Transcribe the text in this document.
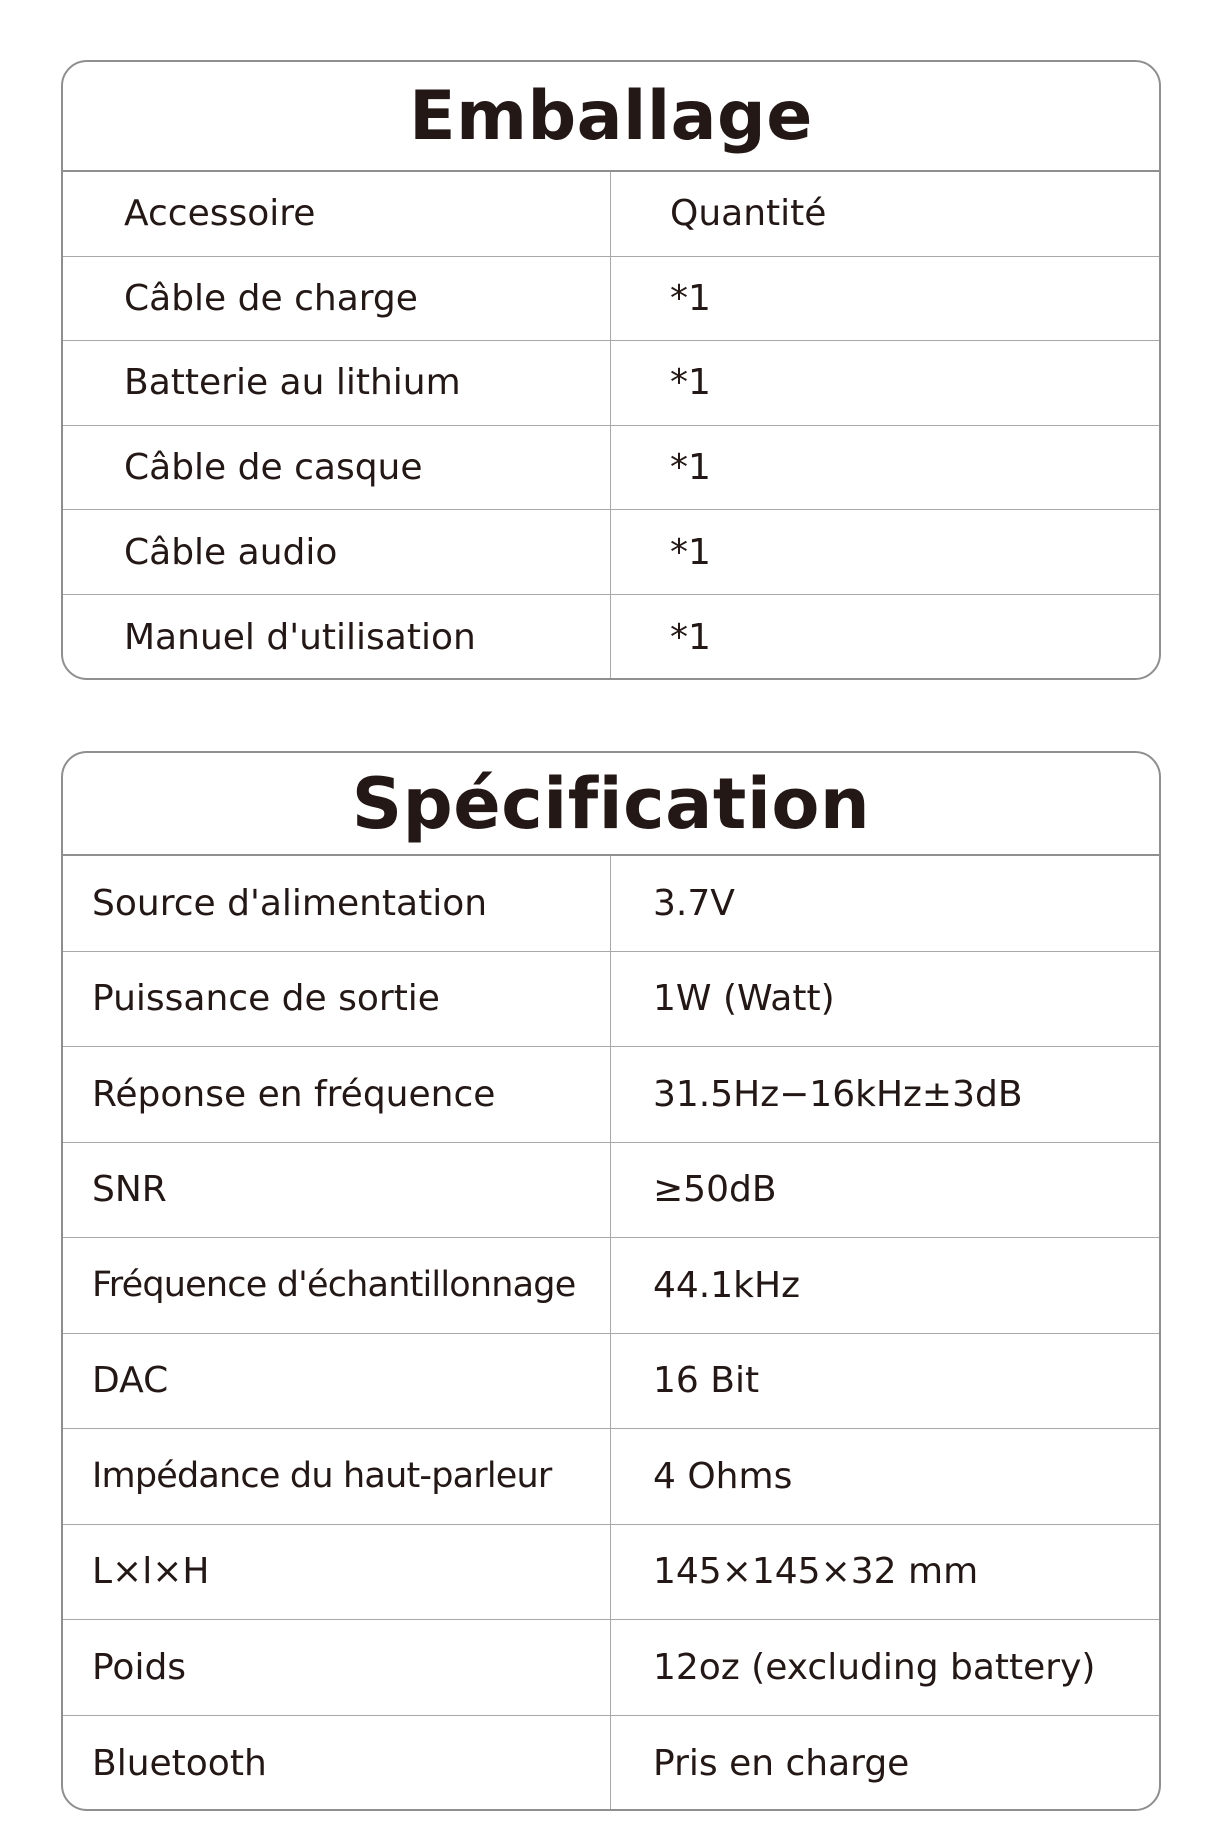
Emballage
Accessoire	Quantité
Câble de charge	*1
Batterie au lithium	*1
Câble de casque	*1
Câble audio	*1
Manuel d'utilisation	*1
Spécification
Source d'alimentation	3.7V
Puissance de sortie	1W (Watt)
Réponse en fréquence	31.5Hz−16kHz±3dB
SNR	≥50dB
Fréquence d'échantillonnage	44.1kHz
DAC	16 Bit
Impédance du haut-parleur	4 Ohms
L×l×H	145×145×32 mm
Poids	12oz (excluding battery)
Bluetooth	Pris en charge
